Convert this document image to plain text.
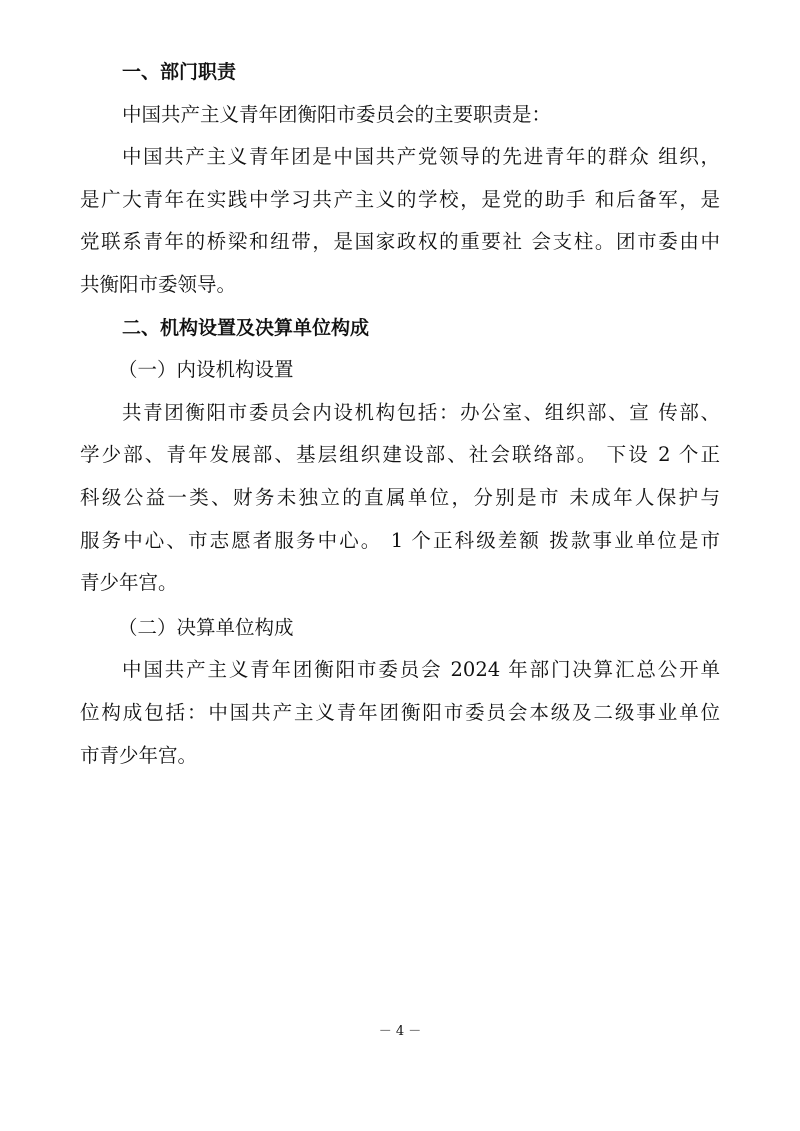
一、部门职责
中国共产主义青年团衡阳市委员会的主要职责是：
中国共产主义青年团是中国共产党领导的先进青年的群众 组织，
是广大青年在实践中学习共产主义的学校，是党的助手 和后备军，是
党联系青年的桥梁和纽带，是国家政权的重要社 会支柱。团市委由中
共衡阳市委领导。
二、机构设置及决算单位构成
（一）内设机构设置
共青团衡阳市委员会内设机构包括：办公室、组织部、宣 传部、
学少部、青年发展部、基层组织建设部、社会联络部。 下设 2 个正
科级公益一类、财务未独立的直属单位，分别是市 未成年人保护与
服务中心、市志愿者服务中心。 1 个正科级差额 拨款事业单位是市
青少年宫。
（二）决算单位构成
中国共产主义青年团衡阳市委员会 2024 年部门决算汇总公开单
位构成包括：中国共产主义青年团衡阳市委员会本级及二级事业单位
市青少年宫。
－ 4 －
